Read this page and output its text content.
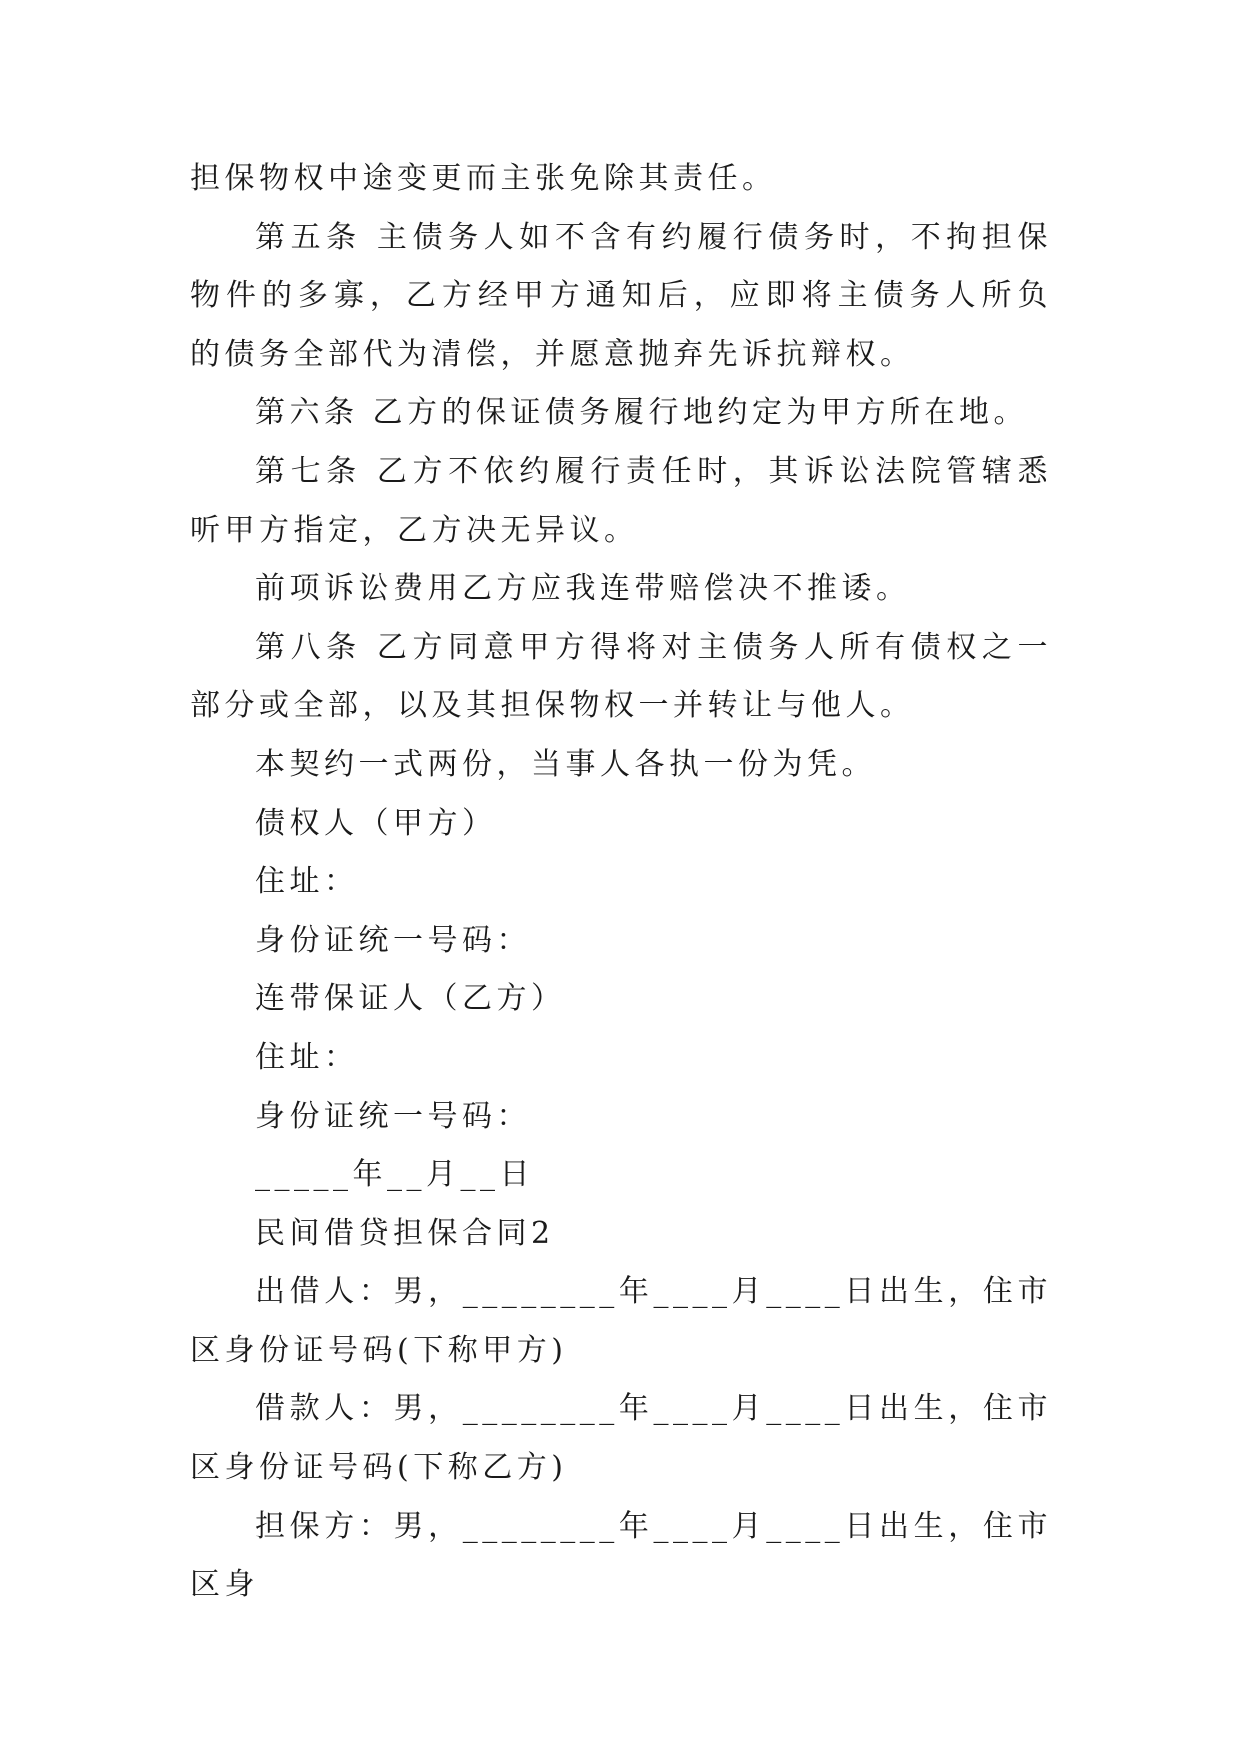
担保物权中途变更而主张免除其责任。

第五条 主债务人如不含有约履行债务时，不拘担保物件的多寡，乙方经甲方通知后，应即将主债务人所负的债务全部代为清偿，并愿意抛弃先诉抗辩权。

第六条 乙方的保证债务履行地约定为甲方所在地。

第七条 乙方不依约履行责任时，其诉讼法院管辖悉听甲方指定，乙方决无异议。

前项诉讼费用乙方应我连带赔偿决不推诿。

第八条 乙方同意甲方得将对主债务人所有债权之一部分或全部，以及其担保物权一并转让与他人。

本契约一式两份，当事人各执一份为凭。

债权人（甲方）

住址：

身份证统一号码：

连带保证人（乙方）

住址：

身份证统一号码：

_____年__月__日

民间借贷担保合同2

出借人：男，________年____月____日出生，住市区身份证号码(下称甲方)

借款人：男，________年____月____日出生，住市区身份证号码(下称乙方)

担保方：男，________年____月____日出生，住市区身
